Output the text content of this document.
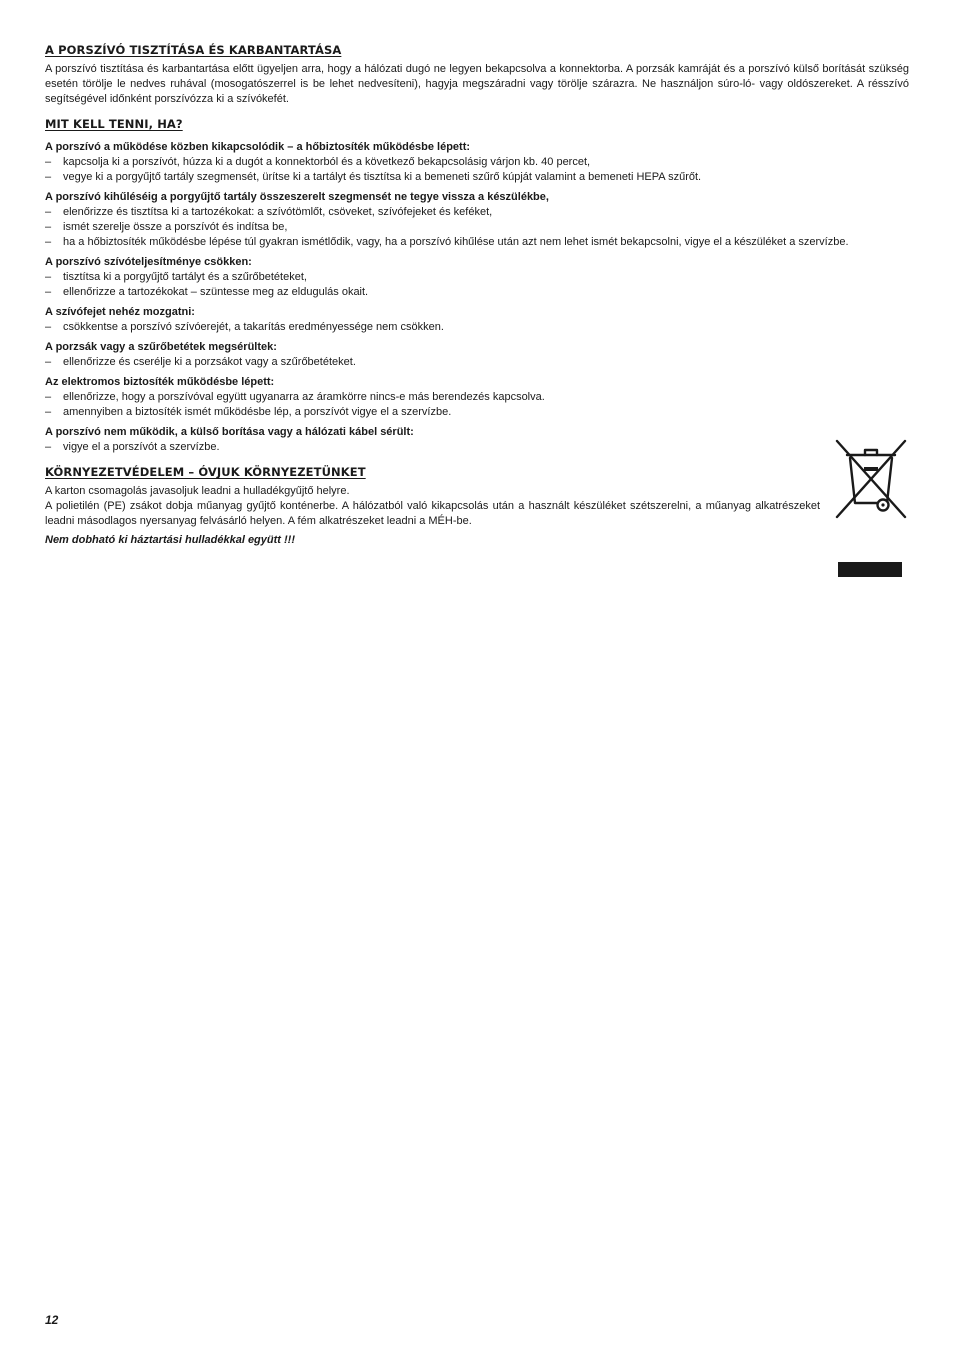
A PORSZÍVÓ TISZTÍTÁSA ÉS KARBANTARTÁSA

A porszívó tisztítása és karbantartása előtt ügyeljen arra, hogy a hálózati dugó ne legyen bekapcsolva a konnektorba. A porzsák kamráját és a porszívó külső borítását szükség esetén törölje le nedves ruhával (mosogatószerrel is be lehet nedvesíteni), hagyja megszáradni vagy törölje szárazra. Ne használjon súro-ló- vagy oldószereket. A résszívó segítségével időnként porszívózza ki a szívókefét.

MIT KELL TENNI, HA?
A porszívó a működése közben kikapcsolódik – a hőbiztosíték működésbe lépett:
– kapcsolja ki a porszívót, húzza ki a dugót a konnektorból és a következő bekapcsolásig várjon kb. 40 percet,
– vegye ki a porgyűjtő tartály szegmensét, ürítse ki a tartályt és tisztítsa ki a bemeneti szűrő kúpját valamint a bemeneti HEPA szűrőt.
A porszívó kihűléséig a porgyűjtő tartály összeszerelt szegmensét ne tegye vissza a készülékbe,
– elenőrizze és tisztítsa ki a tartozékokat: a szívótömlőt, csöveket, szívófejeket és keféket,
– ismét szerelje össze a porszívót és indítsa be,
– ha a hőbiztosíték működésbe lépése túl gyakran ismétlődik, vagy, ha a porszívó kihűlése után azt nem lehet ismét bekapcsolni, vigye el a készüléket a szervízbe.
A porszívó szívóteljesítménye csökken:
– tisztítsa ki a porgyűjtő tartályt és a szűrőbetéteket,
– ellenőrizze a tartozékokat – szüntesse meg az eldugulás okait.
A szívófejet nehéz mozgatni:
– csökkentse a porszívó szívóerejét, a takarítás eredményessége nem csökken.
A porzsák vagy a szűrőbetétek megsérültek:
– ellenőrizze és cserélje ki a porzsákot vagy a szűrőbetéteket.
Az elektromos biztosíték működésbe lépett:
– ellenőrizze, hogy a porszívóval együtt ugyanarra az áramkörre nincs-e más berendezés kapcsolva.
– amennyiben a biztosíték ismét működésbe lép, a porszívót vigye el a szervízbe.
A porszívó nem működik, a külső borítása vagy a hálózati kábel sérült:
– vigye el a porszívót a szervízbe.
KÖRNYEZETVÉDELEM – ÓVJUK KÖRNYEZETÜNKET

A karton csomagolás javasoljuk leadni a hulladékgyűjtő helyre.

A polietilén (PE) zsákot dobja műanyag gyűjtő konténerbe. A hálózatból való kikapcsolás után a használt készüléket szétszerelni, a műanyag alkatrészeket leadni másodlagos nyersanyag felvásárló helyen. A fém alkatrészeket leadni a MÉH-be.

Nem dobható ki háztartási hulladékkal együtt !!!

12
